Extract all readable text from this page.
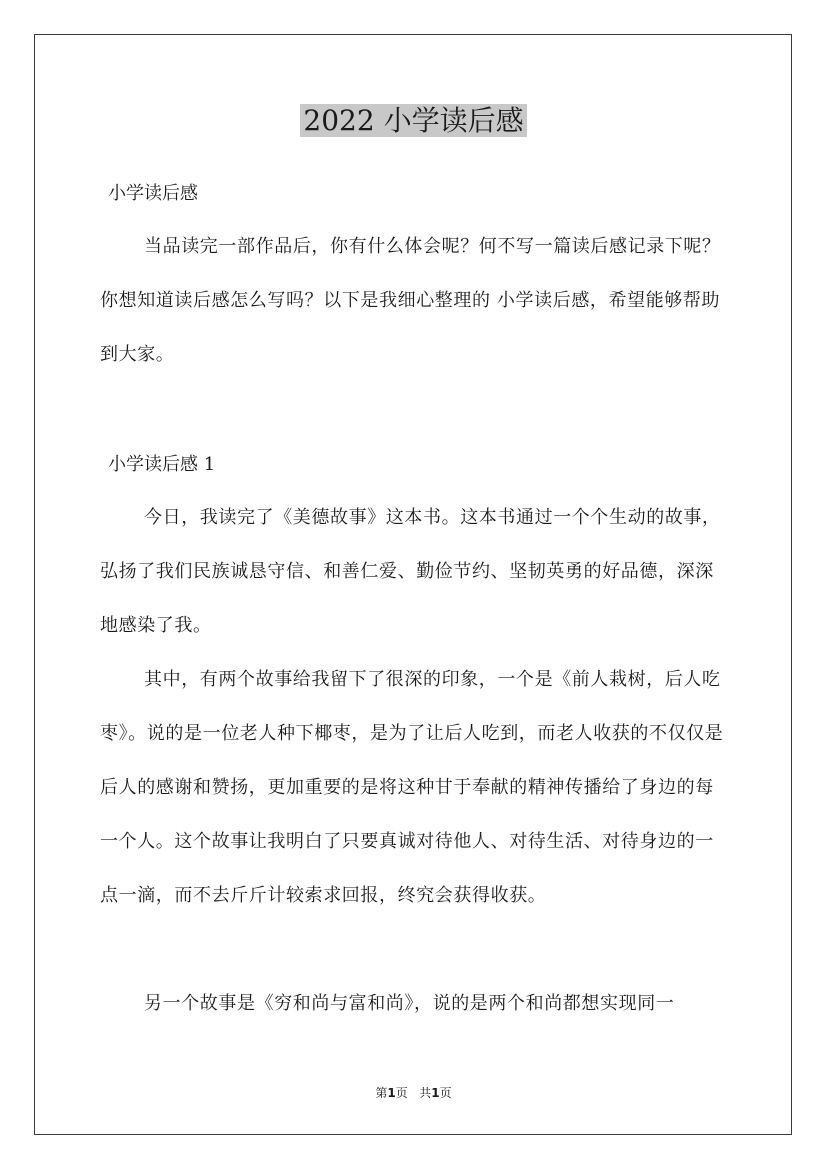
2022 小学读后感
小学读后感

当品读完一部作品后，你有什么体会呢？何不写一篇读后感记录下呢？你想知道读后感怎么写吗？以下是我细心整理的 小学读后感，希望能够帮助到大家。

小学读后感 1

今日，我读完了《美德故事》这本书。这本书通过一个个生动的故事，弘扬了我们民族诚恳守信、和善仁爱、勤俭节约、坚韧英勇的好品德，深深地感染了我。

其中，有两个故事给我留下了很深的印象，一个是《前人栽树，后人吃枣》。说的是一位老人种下椰枣，是为了让后人吃到，而老人收获的不仅仅是后人的感谢和赞扬，更加重要的是将这种甘于奉献的精神传播给了身边的每一个人。这个故事让我明白了只要真诚对待他人、对待生活、对待身边的一点一滴，而不去斤斤计较索求回报，终究会获得收获。

另一个故事是《穷和尚与富和尚》，说的是两个和尚都想实现同一

第1页 共1页
